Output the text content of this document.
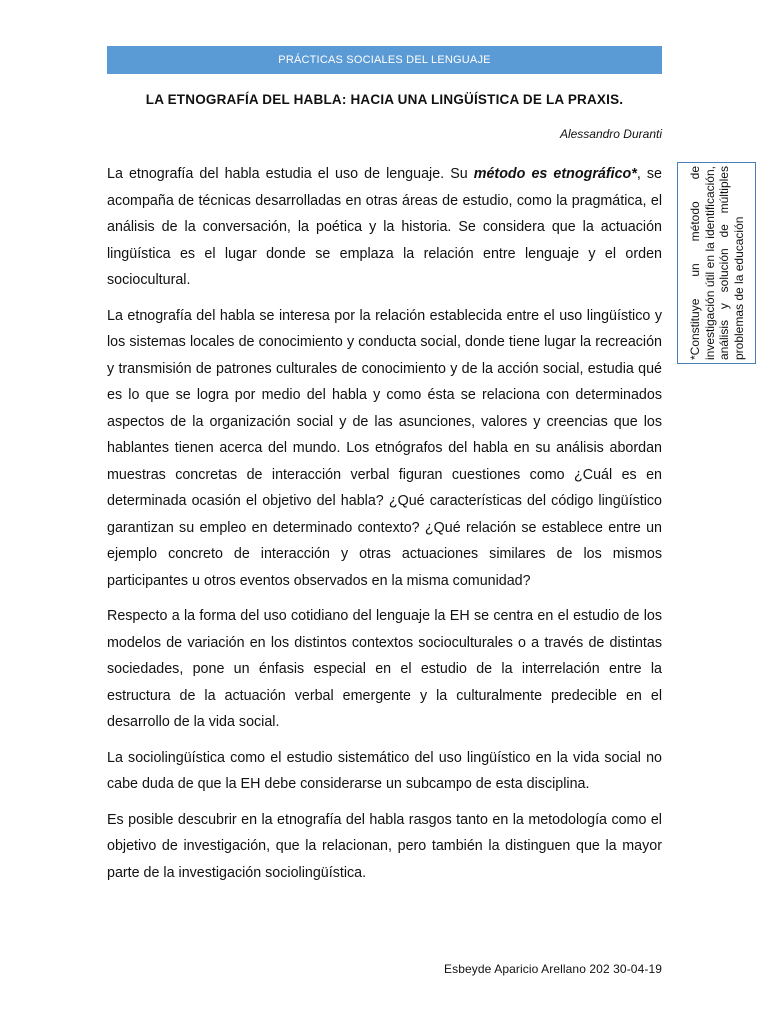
PRÁCTICAS SOCIALES DEL LENGUAJE
LA ETNOGRAFÍA DEL HABLA: HACIA UNA LINGÜÍSTICA DE LA PRAXIS.
Alessandro Duranti

La etnografía del habla estudia el uso de lenguaje. Su método es etnográfico*, se acompaña de técnicas desarrolladas en otras áreas de estudio, como la pragmática, el análisis de la conversación, la poética y la historia. Se considera que la actuación lingüística es el lugar donde se emplaza la relación entre lenguaje y el orden sociocultural.

La etnografía del habla se interesa por la relación establecida entre el uso lingüístico y los sistemas locales de conocimiento y conducta social, donde tiene lugar la recreación y transmisión de patrones culturales de conocimiento y de la acción social, estudia qué es lo que se logra por medio del habla y como ésta se relaciona con determinados aspectos de la organización social y de las asunciones, valores y creencias que los hablantes tienen acerca del mundo. Los etnógrafos del habla en su análisis abordan muestras concretas de interacción verbal figuran cuestiones como ¿Cuál es en determinada ocasión el objetivo del habla? ¿Qué características del código lingüístico garantizan su empleo en determinado contexto? ¿Qué relación se establece entre un ejemplo concreto de interacción y otras actuaciones similares de los mismos participantes u otros eventos observados en la misma comunidad?

Respecto a la forma del uso cotidiano del lenguaje la EH se centra en el estudio de los modelos de variación en los distintos contextos socioculturales o a través de distintas sociedades, pone un énfasis especial en el estudio de la interrelación entre la estructura de la actuación verbal emergente y la culturalmente predecible en el desarrollo de la vida social.

La sociolingüística como el estudio sistemático del uso lingüístico en la vida social no cabe duda de que la EH debe considerarse un subcampo de esta disciplina.

Es posible descubrir en la etnografía del habla rasgos tanto en la metodología como el objetivo de investigación, que la relacionan, pero también la distinguen que la mayor parte de la investigación sociolingüística.

*Constituye un método de investigación útil en la identificación, análisis y solución de múltiples problemas de la educación
Esbeyde Aparicio Arellano 202 30-04-19
